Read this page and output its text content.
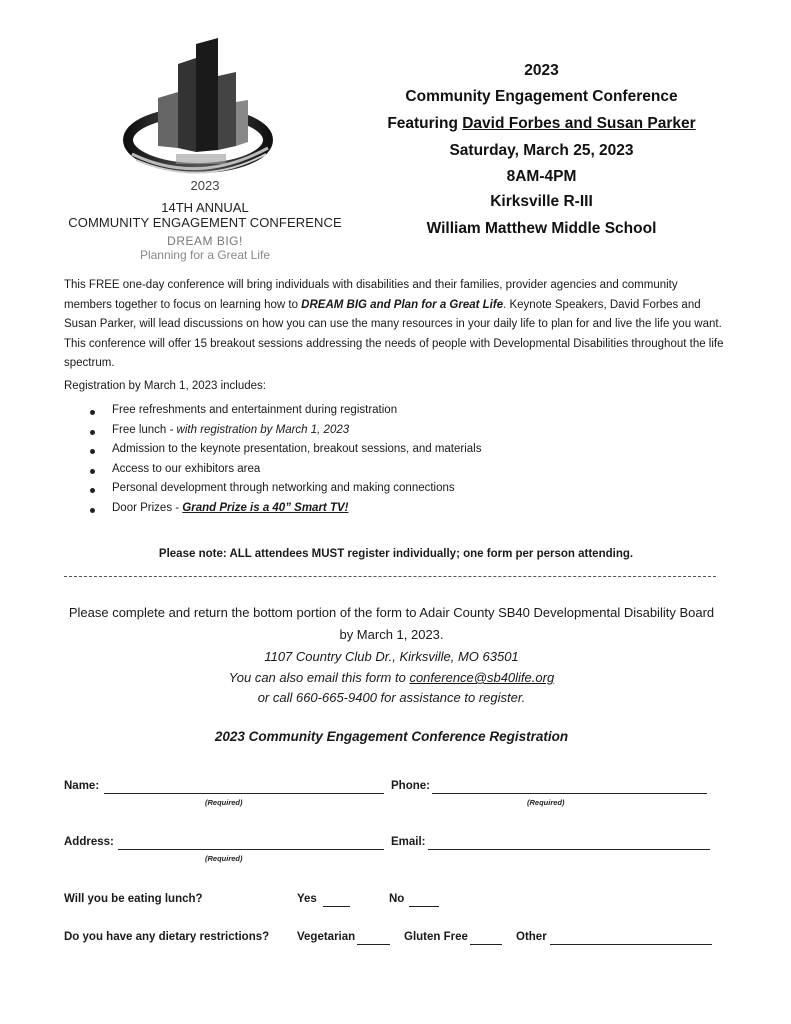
2023
14TH ANNUAL
COMMUNITY ENGAGEMENT CONFERENCE
DREAM BIG!
Planning for a Great Life
2023
Community Engagement Conference
Featuring David Forbes and Susan Parker
Saturday, March 25, 2023
8AM-4PM
Kirksville R-III
William Matthew Middle School
This FREE one-day conference will bring individuals with disabilities and their families, provider agencies and community members together to focus on learning how to DREAM BIG and Plan for a Great Life. Keynote Speakers, David Forbes and Susan Parker, will lead discussions on how you can use the many resources in your daily life to plan for and live the life you want. This conference will offer 15 breakout sessions addressing the needs of people with Developmental Disabilities throughout the life spectrum.
Registration by March 1, 2023 includes:
Free refreshments and entertainment during registration
Free lunch - with registration by March 1, 2023
Admission to the keynote presentation, breakout sessions, and materials
Access to our exhibitors area
Personal development through networking and making connections
Door Prizes - Grand Prize is a 40” Smart TV!
Please note: ALL attendees MUST register individually; one form per person attending.
Please complete and return the bottom portion of the form to Adair County SB40 Developmental Disability Board
by March 1, 2023.
1107 Country Club Dr., Kirksville, MO 63501
You can also email this form to conference@sb40life.org
or call 660-665-9400 for assistance to register.
2023 Community Engagement Conference Registration
Name:
(Required)
Phone:
(Required)
Address:
(Required)
Email:
Will you be eating lunch?	Yes	No
Do you have any dietary restrictions? Vegetarian	Gluten Free	Other
